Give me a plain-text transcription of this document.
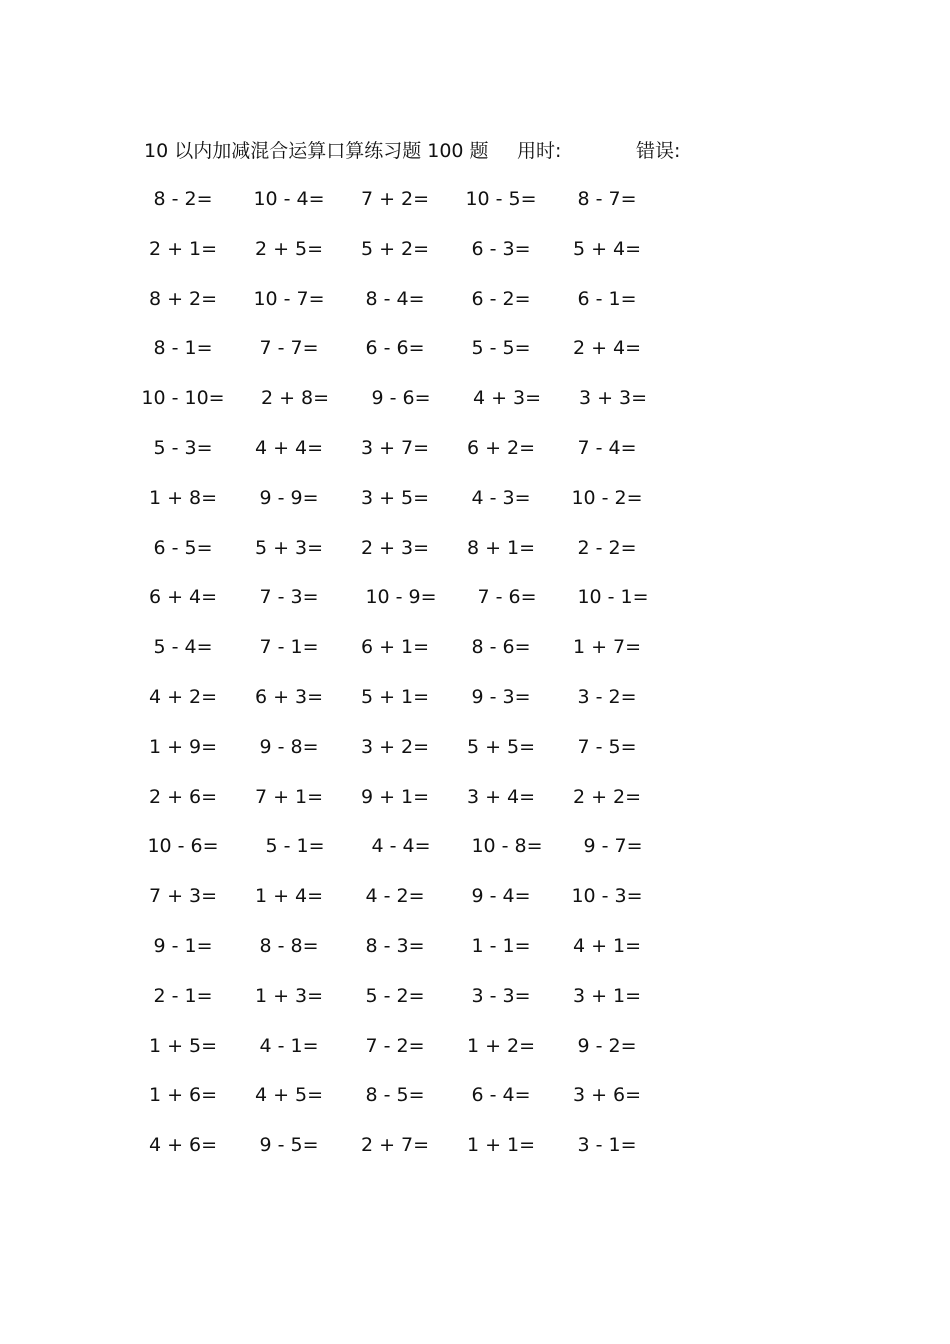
10 以内加减混合运算口算练习题 100 题 用时:	错误:
8 - 2=	10 - 4=	7 + 2=	10 - 5=	8 - 7=
2 + 1=	2 + 5=	5 + 2=	6 - 3=	5 + 4=
8 + 2=	10 - 7=	8 - 4=	6 - 2=	6 - 1=
8 - 1=	7 - 7=	6 - 6=	5 - 5=	2 + 4=
10 - 10=	2 + 8=	9 - 6=	4 + 3=	3 + 3=
5 - 3=	4 + 4=	3 + 7=	6 + 2=	7 - 4=
1 + 8=	9 - 9=	3 + 5=	4 - 3=	10 - 2=
6 - 5=	5 + 3=	2 + 3=	8 + 1=	2 - 2=
6 + 4=	7 - 3=	10 - 9=	7 - 6=	10 - 1=
5 - 4=	7 - 1=	6 + 1=	8 - 6=	1 + 7=
4 + 2=	6 + 3=	5 + 1=	9 - 3=	3 - 2=
1 + 9=	9 - 8=	3 + 2=	5 + 5=	7 - 5=
2 + 6=	7 + 1=	9 + 1=	3 + 4=	2 + 2=
10 - 6=	5 - 1=	4 - 4=	10 - 8=	9 - 7=
7 + 3=	1 + 4=	4 - 2=	9 - 4=	10 - 3=
9 - 1=	8 - 8=	8 - 3=	1 - 1=	4 + 1=
2 - 1=	1 + 3=	5 - 2=	3 - 3=	3 + 1=
1 + 5=	4 - 1=	7 - 2=	1 + 2=	9 - 2=
1 + 6=	4 + 5=	8 - 5=	6 - 4=	3 + 6=
4 + 6=	9 - 5=	2 + 7=	1 + 1=	3 - 1=
